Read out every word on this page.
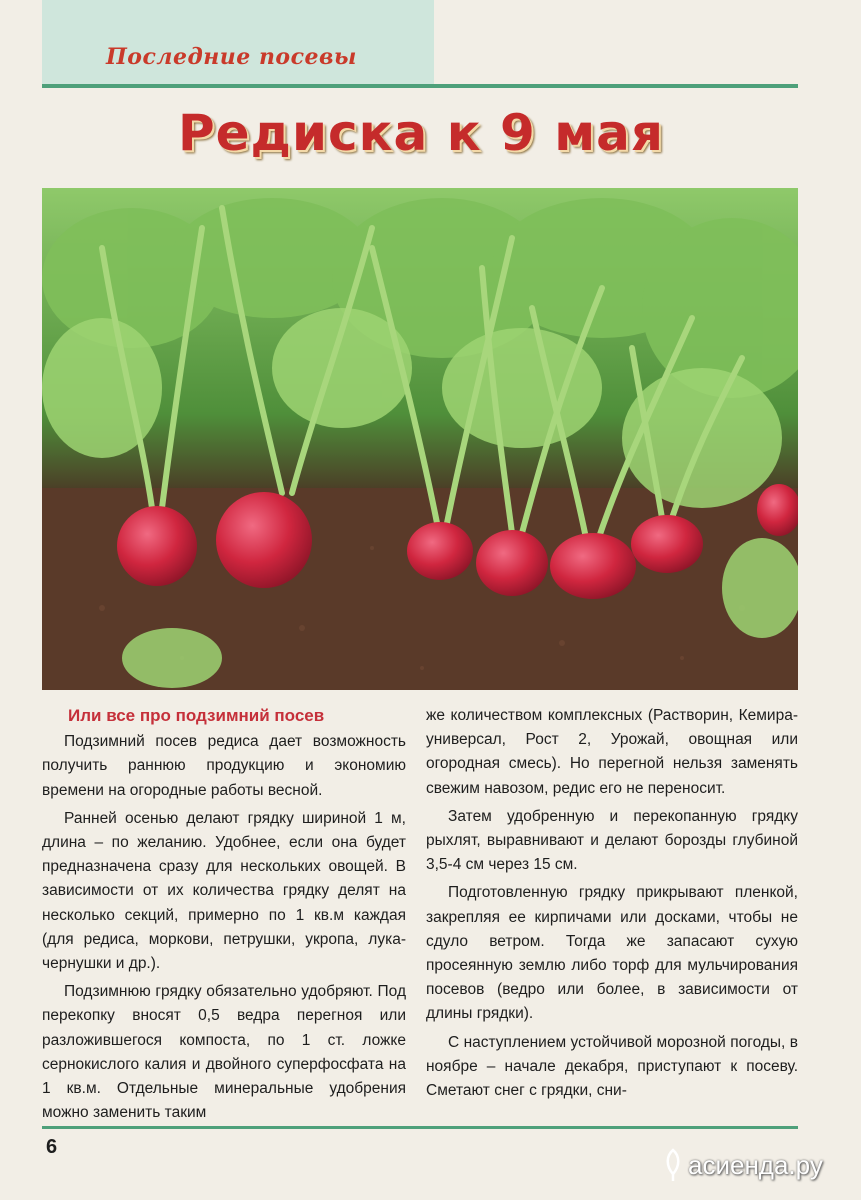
Последние посевы
Редиска к 9 мая
Или все про подзимний посев

Подзимний посев редиса дает возможность получить раннюю продукцию и экономию времени на огородные работы весной.

Ранней осенью делают грядку шириной 1 м, длина – по желанию. Удобнее, если она будет предназначена сразу для нескольких овощей. В зависимости от их количества грядку делят на несколько секций, примерно по 1 кв.м каждая (для редиса, моркови, петрушки, укропа, лука-чернушки и др.).

Подзимнюю грядку обязательно удобряют. Под перекопку вносят 0,5 ведра перегноя или разложившегося компоста, по 1 ст. ложке сернокислого калия и двойного суперфосфата на 1 кв.м. Отдельные минеральные удобрения можно заменить таким

же количеством комплексных (Растворин, Кемира-универсал, Рост 2, Урожай, овощная или огородная смесь). Но перегной нельзя заменять свежим навозом, редис его не переносит.

Затем удобренную и перекопанную грядку рыхлят, выравнивают и делают борозды глубиной 3,5-4 см через 15 см.

Подготовленную грядку прикрывают пленкой, закрепляя ее кирпичами или досками, чтобы не сдуло ветром. Тогда же запасают сухую просеянную землю либо торф для мульчирования посевов (ведро или более, в зависимости от длины грядки).

С наступлением устойчивой морозной погоды, в ноябре – начале декабря, приступают к посеву. Сметают снег с грядки, сни-

6
асиенда.ру
